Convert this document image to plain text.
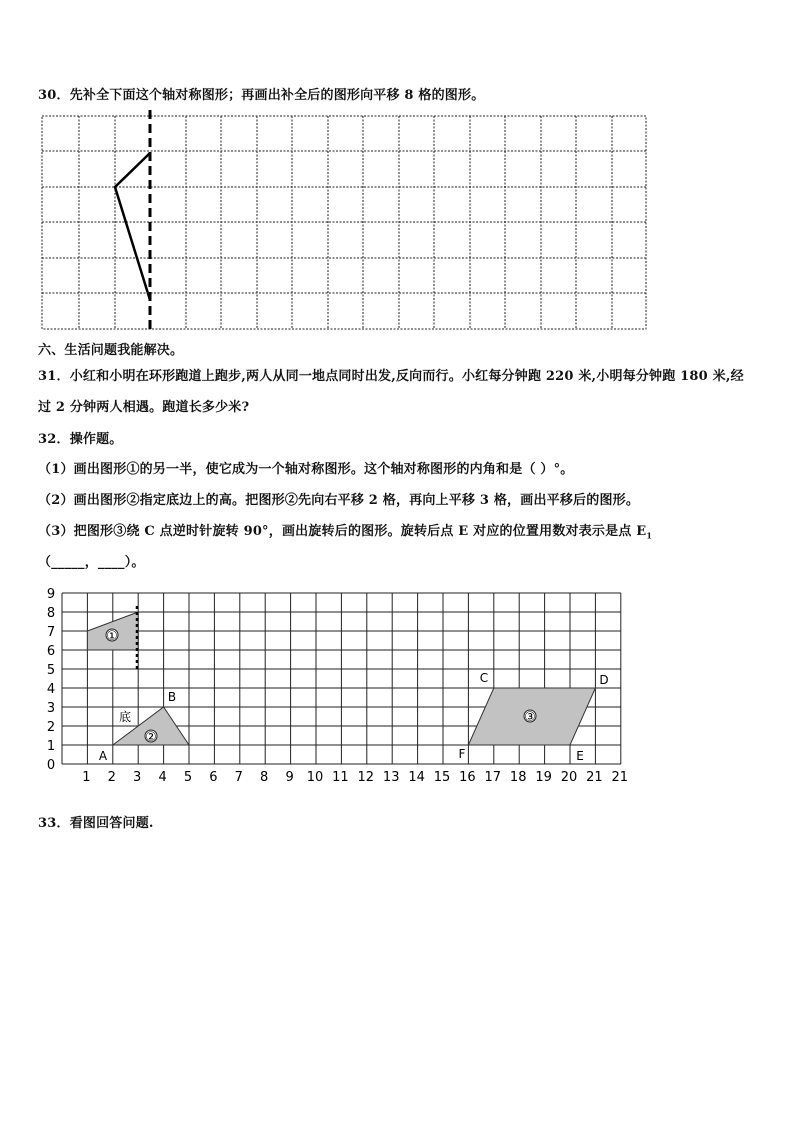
30．先补全下面这个轴对称图形；再画出补全后的图形向平移 8 格的图形。
六、生活问题我能解决。
31．小红和小明在环形跑道上跑步,两人从同一地点同时出发,反向而行。小红每分钟跑 220 米,小明每分钟跑 180 米,经
过 2 分钟两人相遇。跑道长多少米?
32．操作题。
（1）画出图形①的另一半，使它成为一个轴对称图形。这个轴对称图形的内角和是（ ）°。
（2）画出图形②指定底边上的高。把图形②先向右平移 2 格，再向上平移 3 格，画出平移后的图形。
（3）把图形③绕 C 点逆时针旋转 90°，画出旋转后的图形。旋转后点 E 对应的位置用数对表示是点 $E_1$
（_____，____）。
①
②
③
底
A
B
C	D
E
F
0
1
2
3
4
5
6
7
8
9
1 2 3 4 5 6 7 8 9 10 11 12 13 14 15 16 17 18 19 20 21 21
33．看图回答问题.
